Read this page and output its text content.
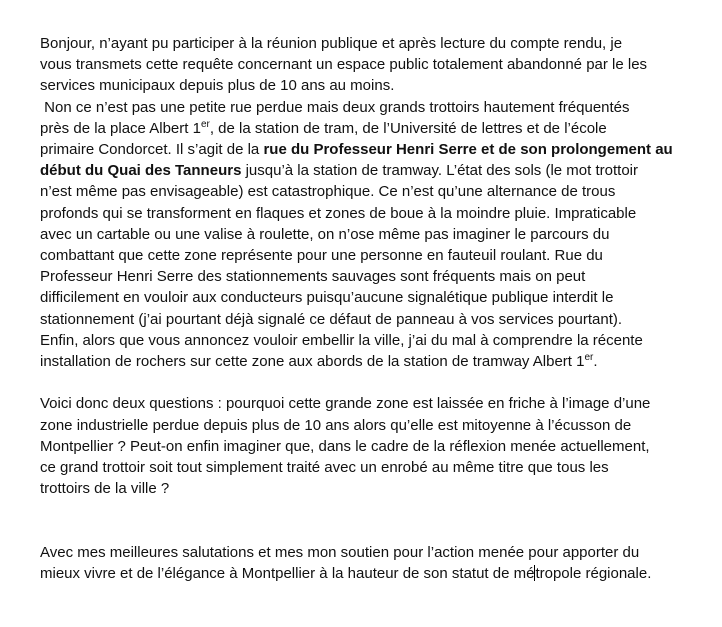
Bonjour, n’ayant pu participer à la réunion publique et après lecture du compte rendu, je
vous transmets cette requête concernant un espace public totalement abandonné par le les
services municipaux depuis plus de 10 ans au moins.

Non ce n’est pas une petite rue perdue mais deux grands trottoirs hautement fréquentés
près de la place Albert 1er, de la station de tram, de l’Université de lettres et de l’école
primaire Condorcet. Il s’agit de la rue du Professeur Henri Serre et de son prolongement au
début du Quai des Tanneurs jusqu’à la station de tramway. L’état des sols (le mot trottoir
n’est même pas envisageable) est catastrophique. Ce n’est qu’une alternance de trous
profonds qui se transforment en flaques et zones de boue à la moindre pluie. Impraticable
avec un cartable ou une valise à roulette, on n’ose même pas imaginer le parcours du
combattant que cette zone représente pour une personne en fauteuil roulant. Rue du
Professeur Henri Serre des stationnements sauvages sont fréquents mais on peut
difficilement en vouloir aux conducteurs puisqu’aucune signalétique publique interdit le
stationnement (j’ai pourtant déjà signalé ce défaut de panneau à vos services pourtant).
Enfin, alors que vous annoncez vouloir embellir la ville, j’ai du mal à comprendre la récente
installation de rochers sur cette zone aux abords de la station de tramway Albert 1er.

Voici donc deux questions : pourquoi cette grande zone est laissée en friche à l’image d’une
zone industrielle perdue depuis plus de 10 ans alors qu’elle est mitoyenne à l’écusson de
Montpellier ? Peut-on enfin imaginer que, dans le cadre de la réflexion menée actuellement,
ce grand trottoir soit tout simplement traité avec un enrobé au même titre que tous les
trottoirs de la ville ?

Avec mes meilleures salutations et mes mon soutien pour l’action menée pour apporter du
mieux vivre et de l’élégance à Montpellier à la hauteur de son statut de métropole régionale.
